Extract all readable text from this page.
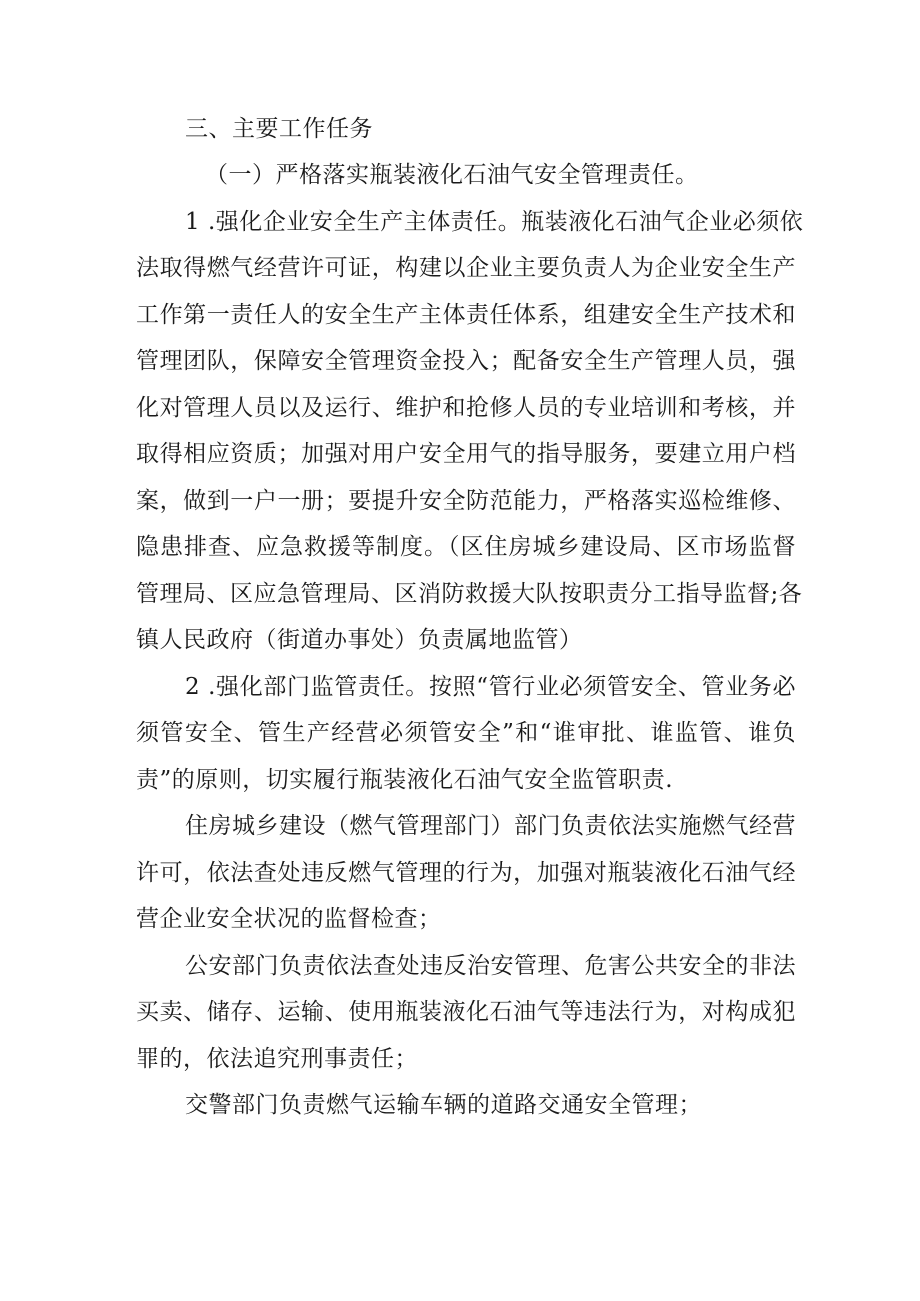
三、主要工作任务
（一）严格落实瓶装液化石油气安全管理责任。
1 .强化企业安全生产主体责任。瓶装液化石油气企业必须依
法取得燃气经营许可证，构建以企业主要负责人为企业安全生产
工作第一责任人的安全生产主体责任体系，组建安全生产技术和
管理团队，保障安全管理资金投入；配备安全生产管理人员，强
化对管理人员以及运行、维护和抢修人员的专业培训和考核，并
取得相应资质；加强对用户安全用气的指导服务，要建立用户档
案，做到一户一册；要提升安全防范能力，严格落实巡检维修、
隐患排查、应急救援等制度。（区住房城乡建设局、区市场监督
管理局、区应急管理局、区消防救援大队按职责分工指导监督;各
镇人民政府（街道办事处）负责属地监管）
2 .强化部门监管责任。按照“管行业必须管安全、管业务必
须管安全、管生产经营必须管安全”和“谁审批、谁监管、谁负
责”的原则，切实履行瓶装液化石油气安全监管职责.
住房城乡建设（燃气管理部门）部门负责依法实施燃气经营
许可，依法查处违反燃气管理的行为，加强对瓶装液化石油气经
营企业安全状况的监督检查；
公安部门负责依法查处违反治安管理、危害公共安全的非法
买卖、储存、运输、使用瓶装液化石油气等违法行为，对构成犯
罪的，依法追究刑事责任；
交警部门负责燃气运输车辆的道路交通安全管理；
